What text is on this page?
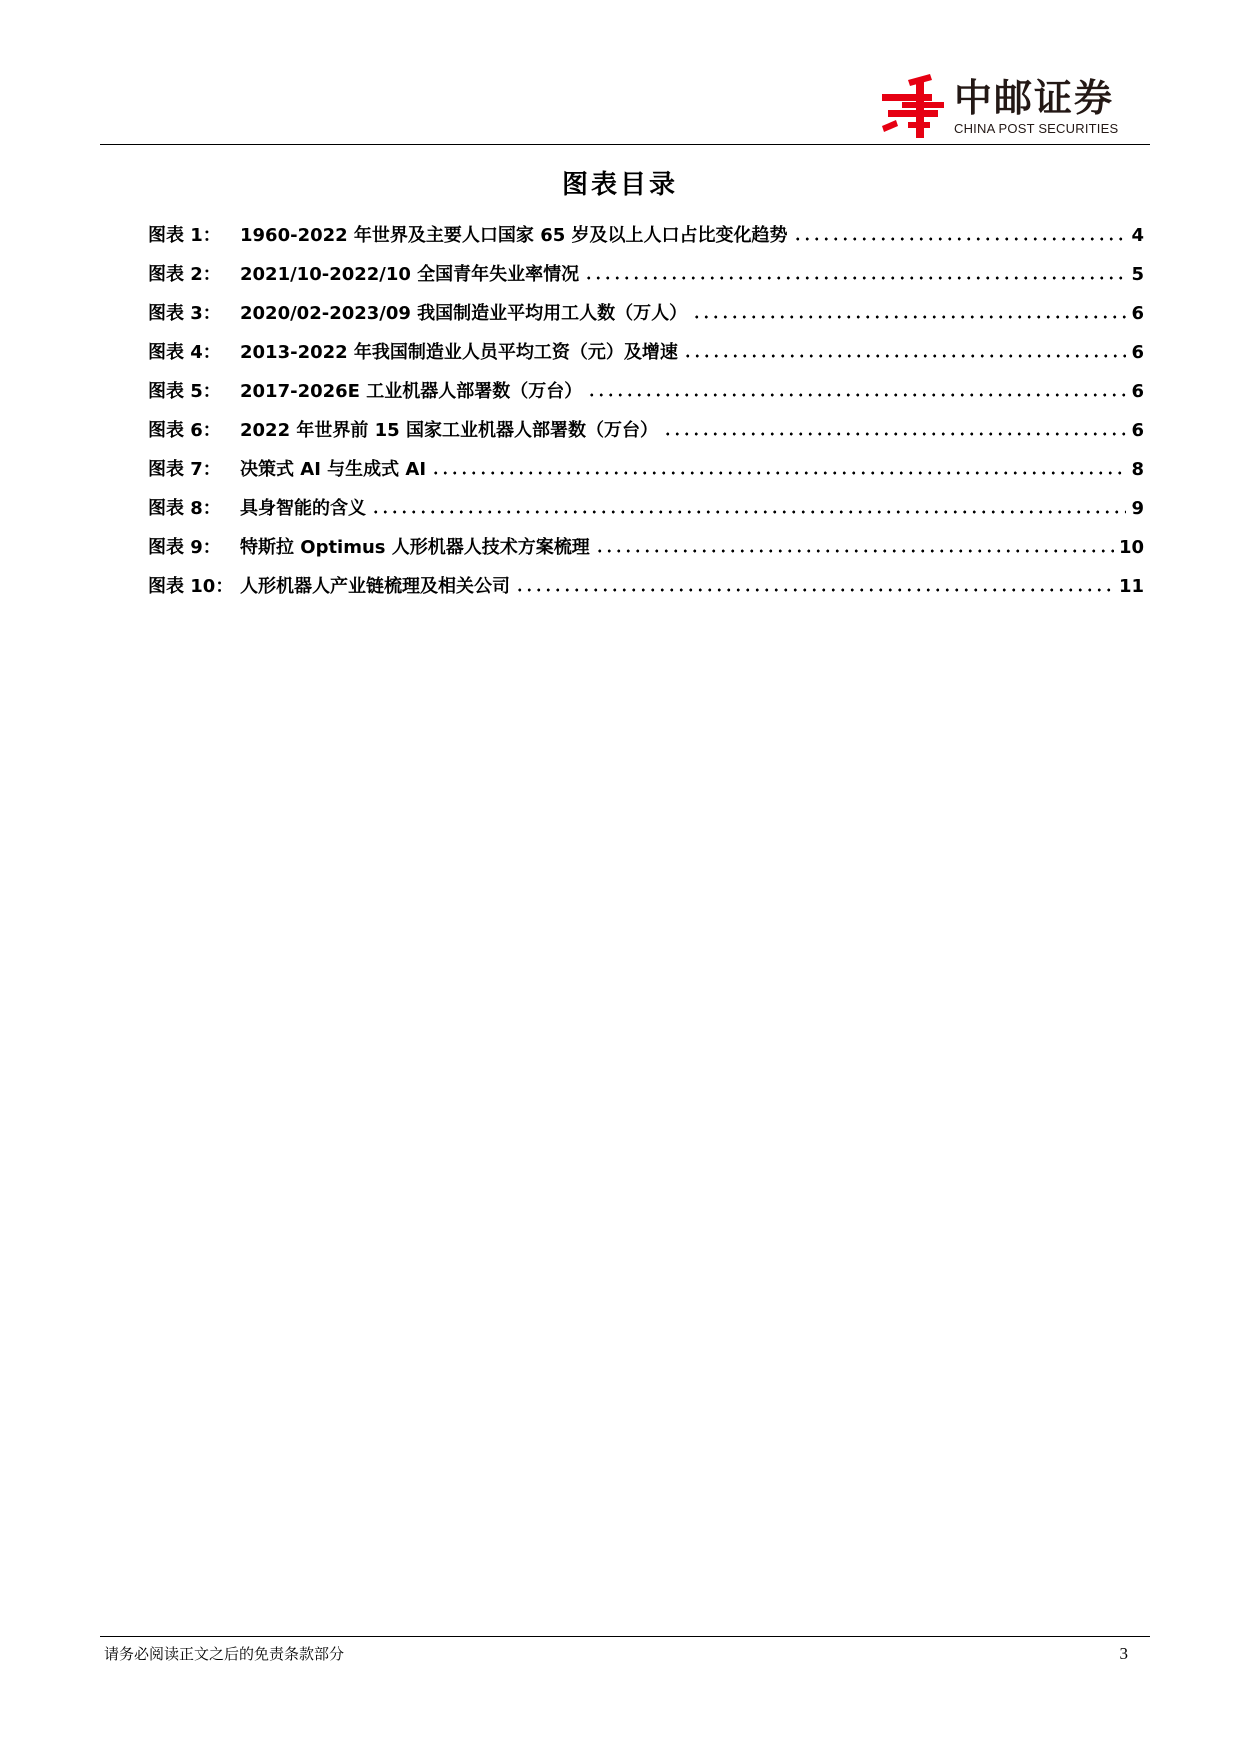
中邮证券
CHINA POST SECURITIES
图表目录
图表 1：	1960-2022 年世界及主要人口国家 65 岁及以上人口占比变化趋势	4
图表 2：	2021/10-2022/10 全国青年失业率情况	5
图表 3：	2020/02-2023/09 我国制造业平均用工人数（万人）	6
图表 4：	2013-2022 年我国制造业人员平均工资（元）及增速	6
图表 5：	2017-2026E 工业机器人部署数（万台）	6
图表 6：	2022 年世界前 15 国家工业机器人部署数（万台）	6
图表 7：	决策式 AI 与生成式 AI	8
图表 8：	具身智能的含义	9
图表 9：	特斯拉 Optimus 人形机器人技术方案梳理	10
图表 10： 人形机器人产业链梳理及相关公司	11
请务必阅读正文之后的免责条款部分	3
